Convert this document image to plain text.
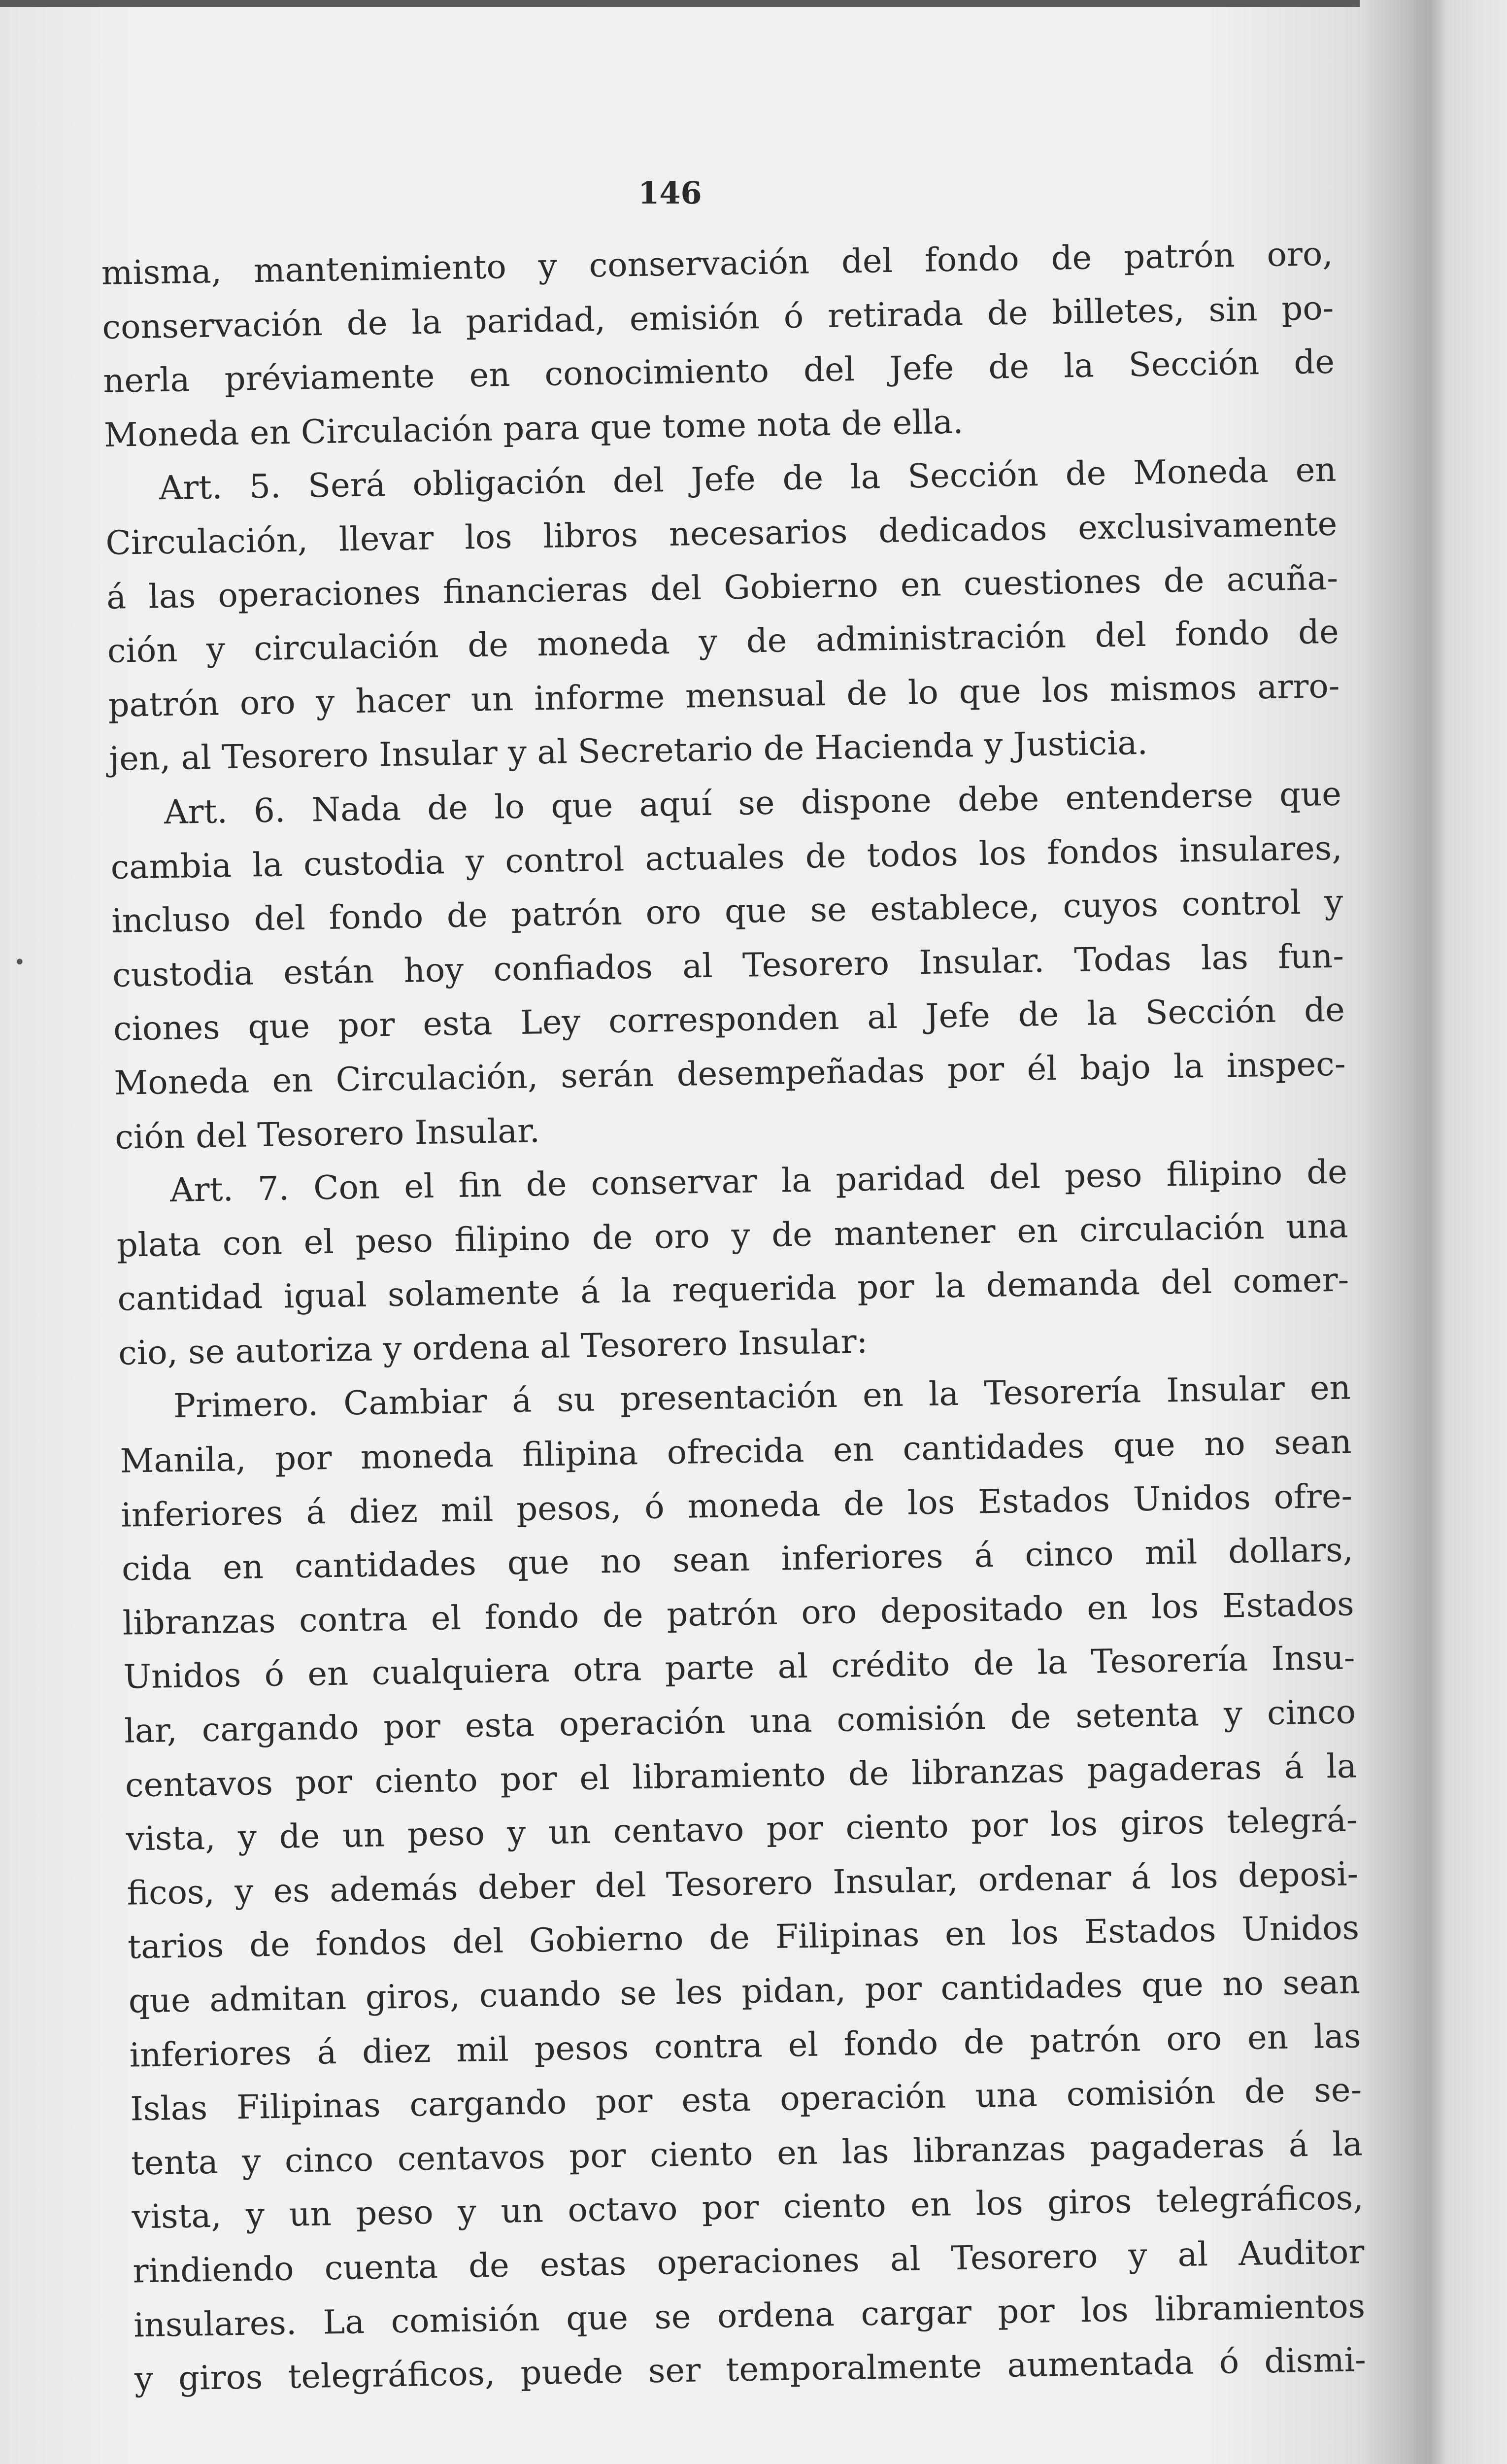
146
•
misma, mantenimiento y conservación del fondo de patrón oro,
conservación de la paridad, emisión ó retirada de billetes, sin po-
nerla préviamente en conocimiento del Jefe de la Sección de
Moneda en Circulación para que tome nota de ella.
Art. 5. Será obligación del Jefe de la Sección de Moneda en
Circulación, llevar los libros necesarios dedicados exclusivamente
á las operaciones financieras del Gobierno en cuestiones de acuña-
ción y circulación de moneda y de administración del fondo de
patrón oro y hacer un informe mensual de lo que los mismos arro-
jen, al Tesorero Insular y al Secretario de Hacienda y Justicia.
Art. 6. Nada de lo que aquí se dispone debe entenderse que
cambia la custodia y control actuales de todos los fondos insulares,
incluso del fondo de patrón oro que se establece, cuyos control y
custodia están hoy confiados al Tesorero Insular. Todas las fun-
ciones que por esta Ley corresponden al Jefe de la Sección de
Moneda en Circulación, serán desempeñadas por él bajo la inspec-
ción del Tesorero Insular.
Art. 7. Con el fin de conservar la paridad del peso filipino de
plata con el peso filipino de oro y de mantener en circulación una
cantidad igual solamente á la requerida por la demanda del comer-
cio, se autoriza y ordena al Tesorero Insular:
Primero. Cambiar á su presentación en la Tesorería Insular en
Manila, por moneda filipina ofrecida en cantidades que no sean
inferiores á diez mil pesos, ó moneda de los Estados Unidos ofre-
cida en cantidades que no sean inferiores á cinco mil dollars,
libranzas contra el fondo de patrón oro depositado en los Estados
Unidos ó en cualquiera otra parte al crédito de la Tesorería Insu-
lar, cargando por esta operación una comisión de setenta y cinco
centavos por ciento por el libramiento de libranzas pagaderas á la
vista, y de un peso y un centavo por ciento por los giros telegrá-
ficos, y es además deber del Tesorero Insular, ordenar á los deposi-
tarios de fondos del Gobierno de Filipinas en los Estados Unidos
que admitan giros, cuando se les pidan, por cantidades que no sean
inferiores á diez mil pesos contra el fondo de patrón oro en las
Islas Filipinas cargando por esta operación una comisión de se-
tenta y cinco centavos por ciento en las libranzas pagaderas á la
vista, y un peso y un octavo por ciento en los giros telegráficos,
rindiendo cuenta de estas operaciones al Tesorero y al Auditor
insulares. La comisión que se ordena cargar por los libramientos
y giros telegráficos, puede ser temporalmente aumentada ó dismi-
